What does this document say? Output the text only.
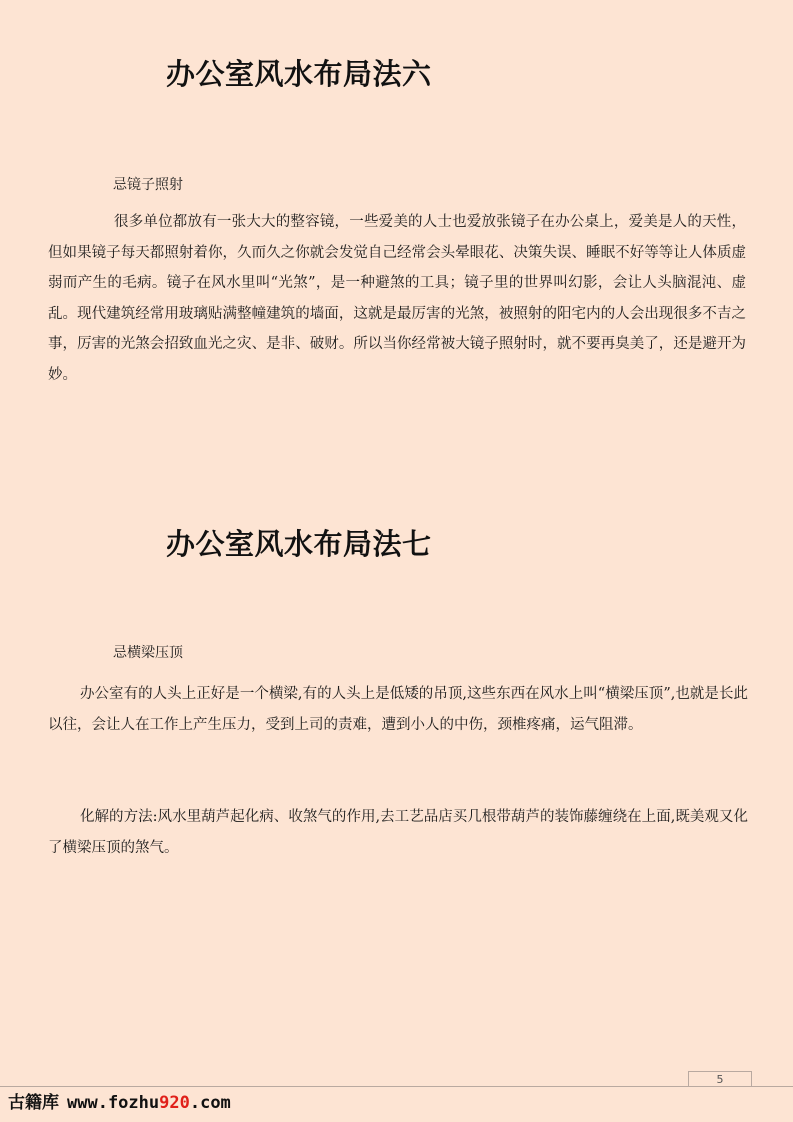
办公室风水布局法六

忌镜子照射

很多单位都放有一张大大的整容镜，一些爱美的人士也爱放张镜子在办公桌上，爱美是人的天性，但如果镜子每天都照射着你，久而久之你就会发觉自己经常会头晕眼花、决策失误、睡眠不好等等让人体质虚弱而产生的毛病。镜子在风水里叫“光煞”，是一种避煞的工具；镜子里的世界叫幻影，会让人头脑混沌、虚乱。现代建筑经常用玻璃贴满整幢建筑的墙面，这就是最厉害的光煞，被照射的阳宅内的人会出现很多不吉之事，厉害的光煞会招致血光之灾、是非、破财。所以当你经常被大镜子照射时，就不要再臭美了，还是避开为妙。

办公室风水布局法七

忌横梁压顶

办公室有的人头上正好是一个横梁,有的人头上是低矮的吊顶,这些东西在风水上叫“横梁压顶”,也就是长此以往，会让人在工作上产生压力，受到上司的责难，遭到小人的中伤，颈椎疼痛，运气阻滞。

化解的方法:风水里葫芦起化病、收煞气的作用,去工艺品店买几根带葫芦的装饰藤缠绕在上面,既美观又化了横梁压顶的煞气。

5

古籍库 www.fozhu920.com
